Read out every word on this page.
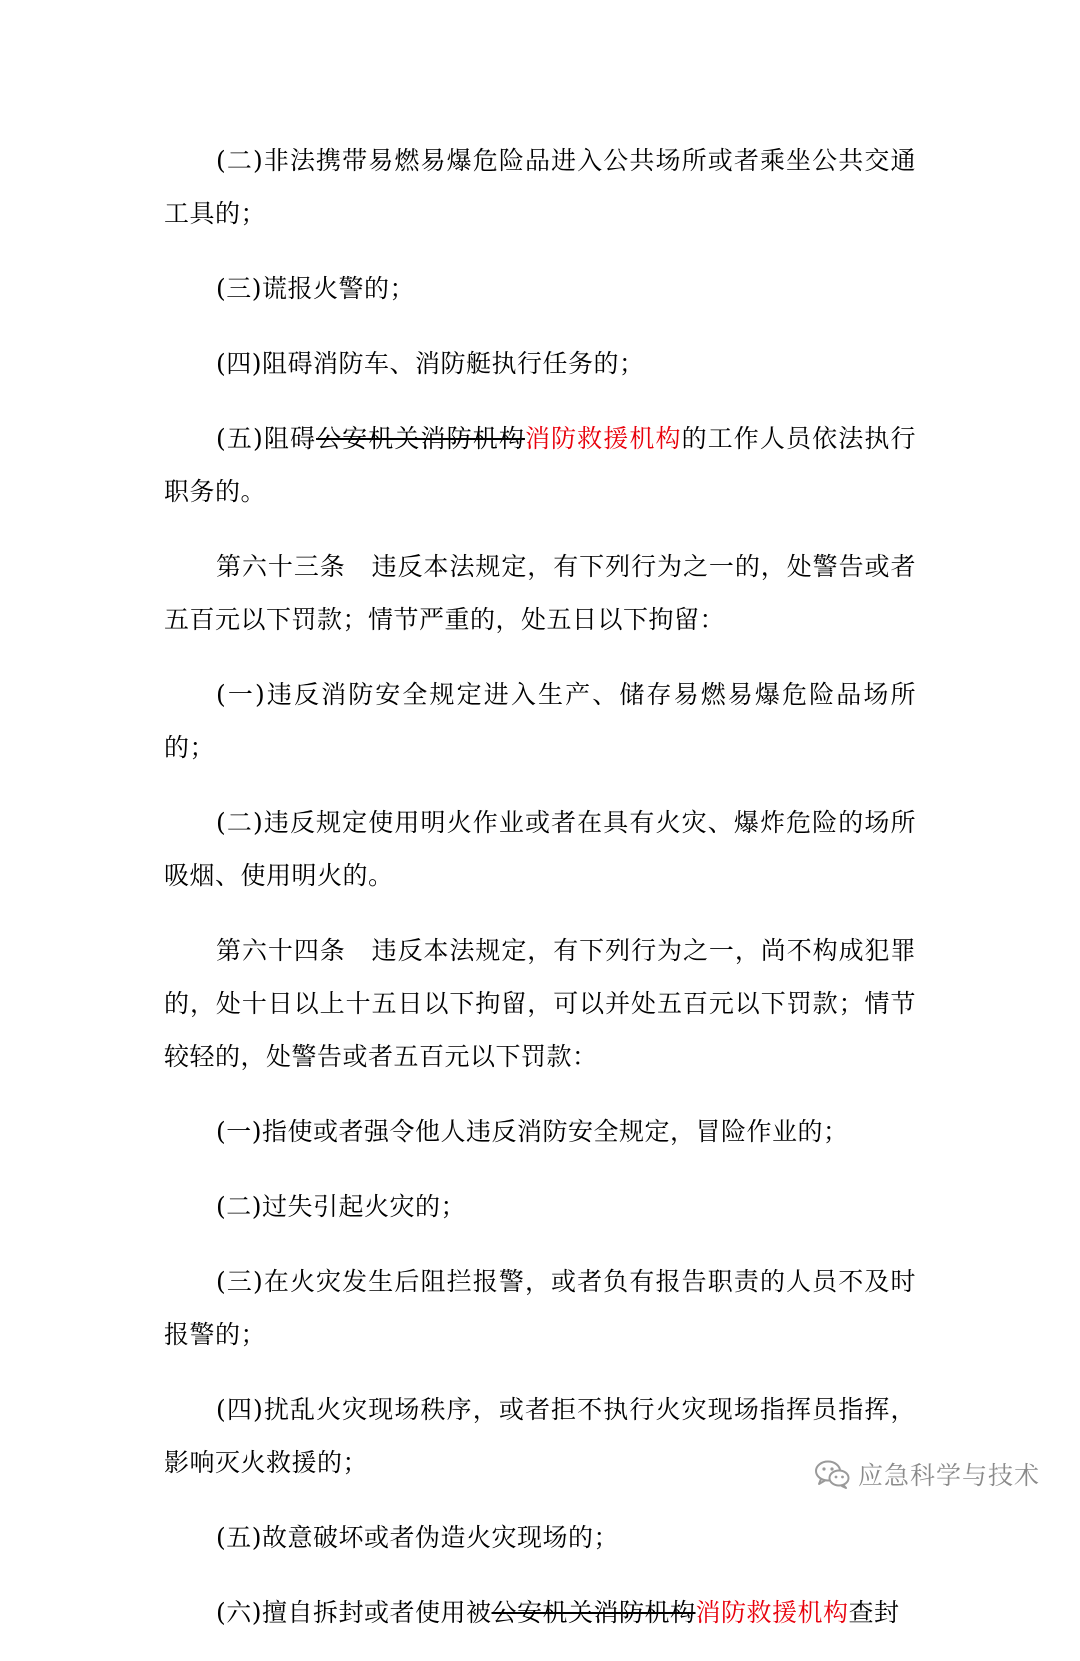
(二)非法携带易燃易爆危险品进入公共场所或者乘坐公共交通工具的；

(三)谎报火警的；

(四)阻碍消防车、消防艇执行任务的；

(五)阻碍公安机关消防机构消防救援机构的工作人员依法执行职务的。

第六十三条　违反本法规定，有下列行为之一的，处警告或者五百元以下罚款；情节严重的，处五日以下拘留：

(一)违反消防安全规定进入生产、储存易燃易爆危险品场所的；

(二)违反规定使用明火作业或者在具有火灾、爆炸危险的场所吸烟、使用明火的。

第六十四条　违反本法规定，有下列行为之一，尚不构成犯罪的，处十日以上十五日以下拘留，可以并处五百元以下罚款；情节较轻的，处警告或者五百元以下罚款：

(一)指使或者强令他人违反消防安全规定，冒险作业的；

(二)过失引起火灾的；

(三)在火灾发生后阻拦报警，或者负有报告职责的人员不及时报警的；

(四)扰乱火灾现场秩序，或者拒不执行火灾现场指挥员指挥，影响灭火救援的；

(五)故意破坏或者伪造火灾现场的；

(六)擅自拆封或者使用被公安机关消防机构消防救援机构查封

应急科学与技术
